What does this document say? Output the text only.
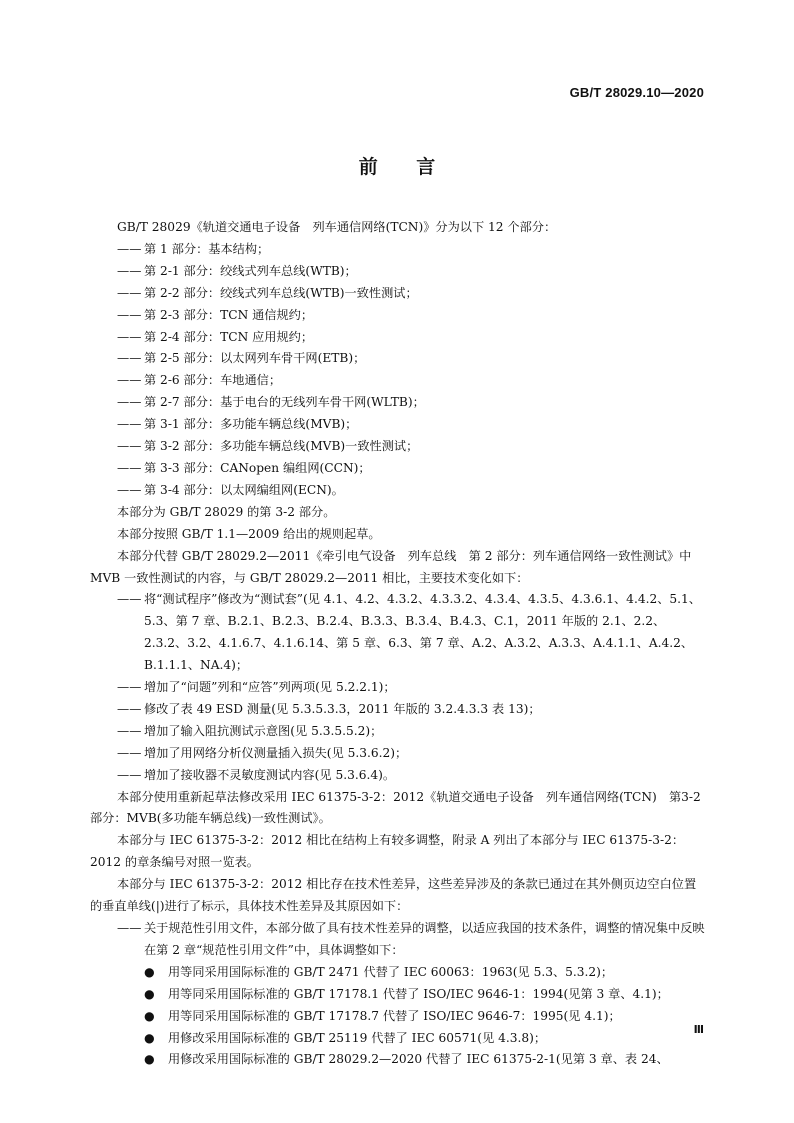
GB/T 28029.10—2020
前 言

GB/T 28029《轨道交通电子设备　列车通信网络(TCN)》分为以下 12 个部分：

—— 第 1 部分：基本结构；
—— 第 2-1 部分：绞线式列车总线(WTB)；
—— 第 2-2 部分：绞线式列车总线(WTB)一致性测试；
—— 第 2-3 部分：TCN 通信规约；
—— 第 2-4 部分：TCN 应用规约；
—— 第 2-5 部分：以太网列车骨干网(ETB)；
—— 第 2-6 部分：车地通信；
—— 第 2-7 部分：基于电台的无线列车骨干网(WLTB)；
—— 第 3-1 部分：多功能车辆总线(MVB)；
—— 第 3-2 部分：多功能车辆总线(MVB)一致性测试；
—— 第 3-3 部分：CANopen 编组网(CCN)；
—— 第 3-4 部分：以太网编组网(ECN)。

本部分为 GB/T 28029 的第 3-2 部分。

本部分按照 GB/T 1.1—2009 给出的规则起草。

本部分代替 GB/T 28029.2—2011《牵引电气设备　列车总线　第 2 部分：列车通信网络一致性测试》中 MVB 一致性测试的内容，与 GB/T 28029.2—2011 相比，主要技术变化如下：

—— 将“测试程序”修改为“测试套”(见 4.1、4.2、4.3.2、4.3.3.2、4.3.4、4.3.5、4.3.6.1、4.4.2、5.1、5.3、第 7 章、B.2.1、B.2.3、B.2.4、B.3.3、B.3.4、B.4.3、C.1，2011 年版的 2.1、2.2、2.3.2、3.2、4.1.6.7、4.1.6.14、第 5 章、6.3、第 7 章、A.2、A.3.2、A.3.3、A.4.1.1、A.4.2、B.1.1.1、NA.4)；
—— 增加了“问题”列和“应答”列两项(见 5.2.2.1)；
—— 修改了表 49 ESD 测量(见 5.3.5.3.3，2011 年版的 3.2.4.3.3 表 13)；
—— 增加了输入阻抗测试示意图(见 5.3.5.5.2)；
—— 增加了用网络分析仪测量插入损失(见 5.3.6.2)；
—— 增加了接收器不灵敏度测试内容(见 5.3.6.4)。

本部分使用重新起草法修改采用 IEC 61375-3-2：2012《轨道交通电子设备　列车通信网络(TCN)　第3-2 部分：MVB(多功能车辆总线)一致性测试》。

本部分与 IEC 61375-3-2：2012 相比在结构上有较多调整，附录 A 列出了本部分与 IEC 61375-3-2：2012 的章条编号对照一览表。

本部分与 IEC 61375-3-2：2012 相比存在技术性差异，这些差异涉及的条款已通过在其外侧页边空白位置的垂直单线(|)进行了标示，具体技术性差异及其原因如下：

—— 关于规范性引用文件，本部分做了具有技术性差异的调整，以适应我国的技术条件，调整的情况集中反映在第 2 章“规范性引用文件”中，具体调整如下：
●	用等同采用国际标准的 GB/T 2471 代替了 IEC 60063：1963(见 5.3、5.3.2)；
●	用等同采用国际标准的 GB/T 17178.1 代替了 ISO/IEC 9646-1：1994(见第 3 章、4.1)；
●	用等同采用国际标准的 GB/T 17178.7 代替了 ISO/IEC 9646-7：1995(见 4.1)；
●	用修改采用国际标准的 GB/T 25119 代替了 IEC 60571(见 4.3.8)；
●	用修改采用国际标准的 GB/T 28029.2—2020 代替了 IEC 61375-2-1(见第 3 章、表 24、
Ⅲ
